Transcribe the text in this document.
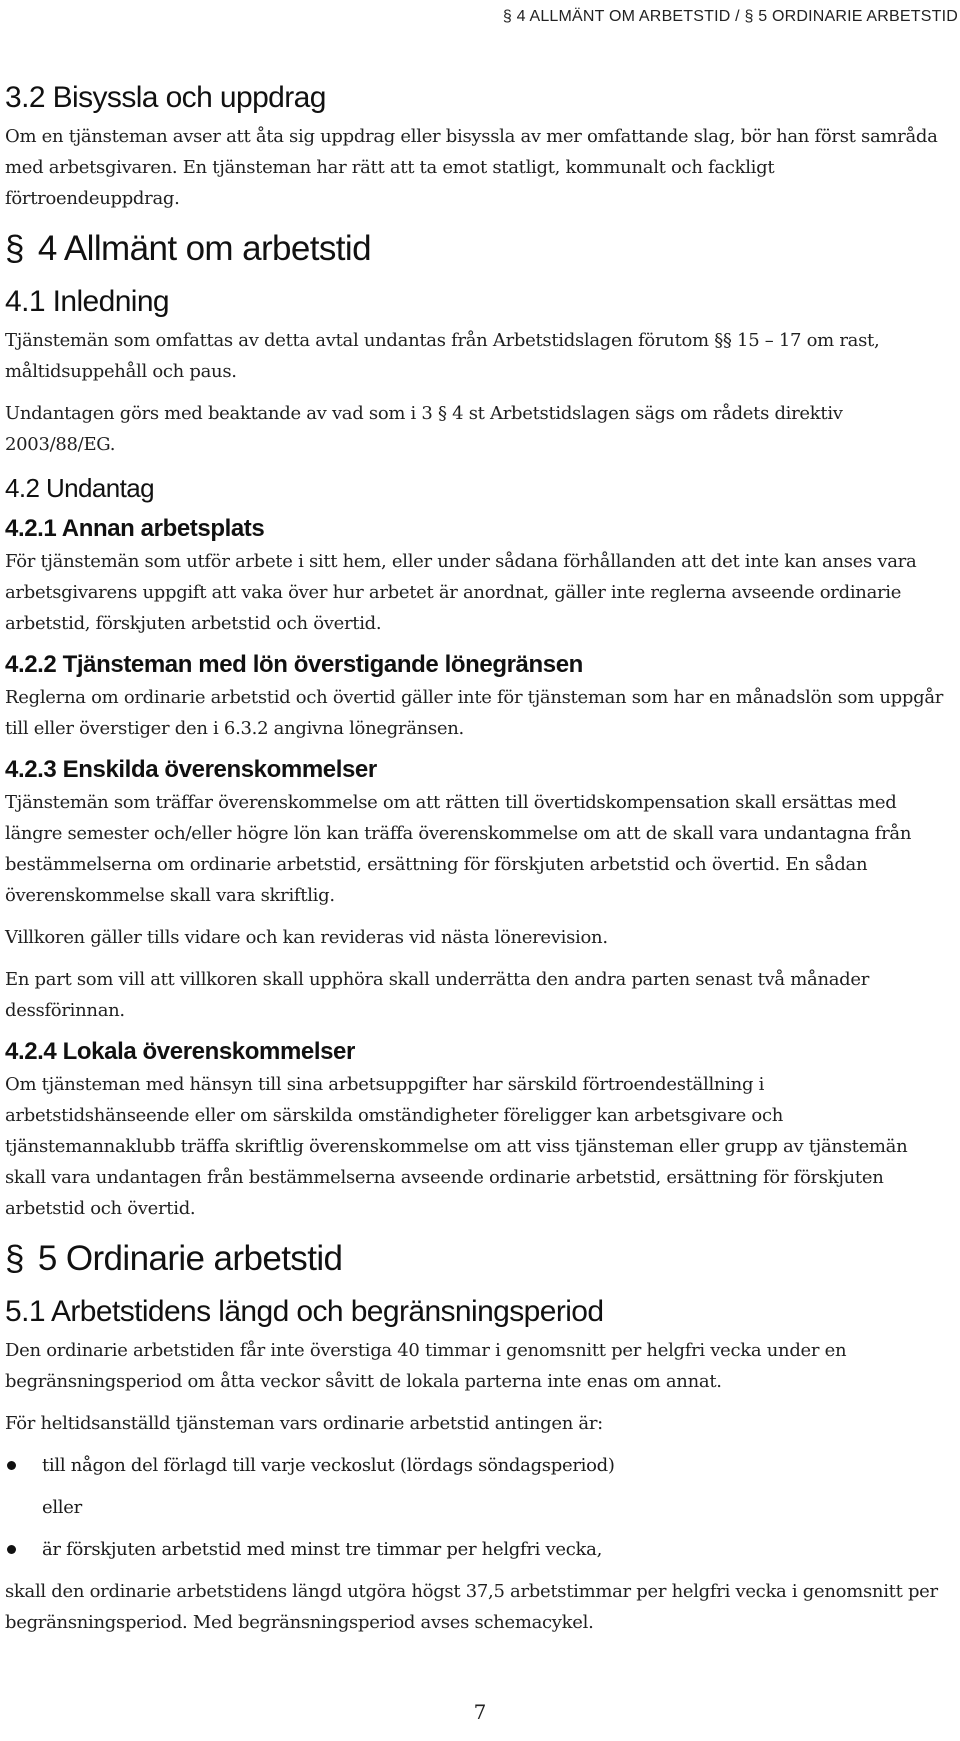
§ 4 ALLMÄNT OM ARBETSTID / § 5 ORDINARIE ARBETSTID
3.2 Bisyssla och uppdrag

Om en tjänsteman avser att åta sig uppdrag eller bisyssla av mer omfattande slag, bör han först samråda med arbetsgivaren. En tjänsteman har rätt att ta emot statligt, kommunalt och fackligt förtroendeuppdrag.

§ 4 Allmänt om arbetstid
4.1 Inledning

Tjänstemän som omfattas av detta avtal undantas från Arbetstidslagen förutom §§ 15 – 17 om rast, måltidsuppehåll och paus.

Undantagen görs med beaktande av vad som i 3 § 4 st Arbetstidslagen sägs om rådets direktiv 2003/88/EG.

4.2 Undantag
4.2.1 Annan arbetsplats

För tjänstemän som utför arbete i sitt hem, eller under sådana förhållanden att det inte kan anses vara arbetsgivarens uppgift att vaka över hur arbetet är anordnat, gäller inte reglerna avseende ordinarie arbetstid, förskjuten arbetstid och övertid.

4.2.2 Tjänsteman med lön överstigande lönegränsen

Reglerna om ordinarie arbetstid och övertid gäller inte för tjänsteman som har en månadslön som uppgår till eller överstiger den i 6.3.2 angivna lönegränsen.

4.2.3 Enskilda överenskommelser

Tjänstemän som träffar överenskommelse om att rätten till övertidskompensation skall ersättas med längre semester och/eller högre lön kan träffa överenskommelse om att de skall vara undantagna från bestämmelserna om ordinarie arbetstid, ersättning för förskjuten arbetstid och övertid. En sådan överenskommelse skall vara skriftlig.

Villkoren gäller tills vidare och kan revideras vid nästa lönerevision.

En part som vill att villkoren skall upphöra skall underrätta den andra parten senast två månader dessförinnan.

4.2.4 Lokala överenskommelser

Om tjänsteman med hänsyn till sina arbetsuppgifter har särskild förtroendeställning i arbetstidshänseende eller om särskilda omständigheter föreligger kan arbetsgivare och tjänstemannaklubb träffa skriftlig överenskommelse om att viss tjänsteman eller grupp av tjänstemän skall vara undantagen från bestämmelserna avseende ordinarie arbetstid, ersättning för förskjuten arbetstid och övertid.

§ 5 Ordinarie arbetstid
5.1 Arbetstidens längd och begränsningsperiod

Den ordinarie arbetstiden får inte överstiga 40 timmar i genomsnitt per helgfri vecka under en begränsningsperiod om åtta veckor såvitt de lokala parterna inte enas om annat.

För heltidsanställd tjänsteman vars ordinarie arbetstid antingen är:

till någon del förlagd till varje veckoslut (lördags söndagsperiod)
eller
är förskjuten arbetstid med minst tre timmar per helgfri vecka,

skall den ordinarie arbetstidens längd utgöra högst 37,5 arbetstimmar per helgfri vecka i genomsnitt per begränsningsperiod. Med begränsningsperiod avses schemacykel.

7
